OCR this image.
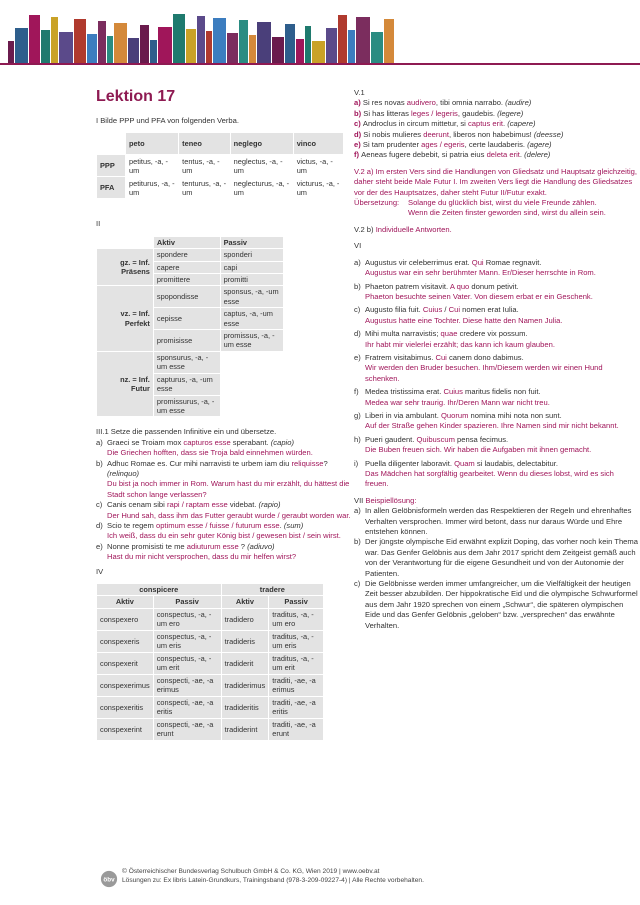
Lektion 17

I Bilde PPP und PFA von folgenden Verba.

	peto	teneo	neglego	vinco
PPP	petitus, -a, -um	tentus, -a, -um	neglectus, -a, -um	victus, -a, -um
PFA	petiturus, -a, -um	tenturus, -a, -um	neglecturus, -a, -um	victurus, -a, -um

II

	Aktiv	Passiv
gz. = Inf. Präsens	spondere	sponderi
	capere	capi
	promittere	promitti
vz. = Inf. Perfekt	spopondisse	sponsus, -a, -um esse
	cepisse	captus, -a, -um esse
	promisisse	promissus, -a, -um esse
nz. = Inf. Futur	sponsurus, -a, -um esse	
	capturus, -a, -um esse	
	promissurus, -a, -um esse	

III.1 Setze die passenden Infinitive ein und übersetze.

a) Graeci se Troiam mox capturos esse sperabant. (capio)

Die Griechen hofften, dass sie Troja bald einnehmen würden.

b) Adhuc Romae es. Cur mihi narravisti te urbem iam diu reliquisse? (relinquo)

Du bist ja noch immer in Rom. Warum hast du mir erzählt, du hättest die Stadt schon lange verlassen?

c) Canis cenam sibi rapi / raptam esse videbat. (rapio)

Der Hund sah, dass ihm das Futter geraubt wurde / geraubt worden war.

d) Scio te regem optimum esse / fuisse / futurum esse. (sum)

Ich weiß, dass du ein sehr guter König bist / gewesen bist / sein wirst.

e) Nonne promisisti te me adiuturum esse ? (adiuvo)

Hast du mir nicht versprochen, dass du mir helfen wirst?

IV

conspicere		tradere	
Aktiv	Passiv	Aktiv	Passiv
conspexero	conspectus, -a, -um ero	tradidero	traditus, -a, -um ero
conspexeris	conspectus, -a, -um eris	tradideris	traditus, -a, -um eris
conspexerit	conspectus, -a, -um erit	tradiderit	traditus, -a, -um erit
conspexerimus	conspecti, -ae, -a erimus	tradiderimus	traditi, -ae, -a erimus
conspexeritis	conspecti, -ae, -a eritis	tradideritis	traditi, -ae, -a eritis
conspexerint	conspecti, -ae, -a erunt	tradiderint	traditi, -ae, -a erunt

V.1

a) Si res novas audivero, tibi omnia narrabo. (audire)

b) Si has litteras leges / legeris, gaudebis. (legere)

c) Androclus in circum mittetur, si captus erit. (capere)

d) Si nobis mulieres deerunt, liberos non habebimus! (deesse)

e) Si tam prudenter ages / egeris, certe laudaberis. (agere)

f) Aeneas fugere debebit, si patria eius deleta erit. (delere)

V.2 a) Im ersten Vers sind die Handlungen von Gliedsatz und Hauptsatz gleichzeitig, daher steht beide Male Futur I. Im zweiten Vers liegt die Handlung des Gliedsatzes vor der des Hauptsatzes, daher steht Futur II/Futur exakt.

Übersetzung:	Solange du glücklich bist, wirst du viele Freunde zählen.

Wenn die Zeiten finster geworden sind, wirst du allein sein.

V.2 b) Individuelle Antworten.

VI

a) Augustus vir celeberrimus erat. Qui Romae regnavit.

Augustus war ein sehr berühmter Mann. Er/Dieser herrschte in Rom.

b) Phaeton patrem visitavit. A quo donum petivit.

Phaeton besuchte seinen Vater. Von diesem erbat er ein Geschenk.

c) Augusto filia fuit. Cuius / Cui nomen erat Iulia.

Augustus hatte eine Tochter. Diese hatte den Namen Julia.

d) Mihi multa narravistis; quae credere vix possum.

Ihr habt mir vielerlei erzählt; das kann ich kaum glauben.

e) Fratrem visitabimus. Cui canem dono dabimus.

Wir werden den Bruder besuchen. Ihm/Diesem werden wir einen Hund schenken.

f) Medea tristissima erat. Cuius maritus fidelis non fuit.

Medea war sehr traurig. Ihr/Deren Mann war nicht treu.

g) Liberi in via ambulant. Quorum nomina mihi nota non sunt.

Auf der Straße gehen Kinder spazieren. Ihre Namen sind mir nicht bekannt.

h) Pueri gaudent. Quibuscum pensa fecimus.

Die Buben freuen sich. Wir haben die Aufgaben mit ihnen gemacht.

i) Puella diligenter laboravit. Quam si laudabis, delectabitur.

Das Mädchen hat sorgfältig gearbeitet. Wenn du dieses lobst, wird es sich freuen.

VII Beispiellösung:

a) In allen Gelöbnisformeln werden das Respektieren der Regeln und ehrenhaftes Verhalten versprochen. Immer wird betont, dass nur daraus Würde und Ehre entstehen können.

b) Der jüngste olympische Eid erwähnt explizit Doping, das vorher noch kein Thema war. Das Genfer Gelöbnis aus dem Jahr 2017 spricht dem Zeitgeist gemäß auch von der Verantwortung für die eigene Gesundheit und von der Autonomie der Patienten.

c) Die Gelöbnisse werden immer umfangreicher, um die Vielfältigkeit der heutigen Zeit besser abzubilden. Der hippokratische Eid und die olympische Schwurformel aus dem Jahr 1920 sprechen von einem „Schwur“, die späteren olympischen Eide und das Genfer Gelöbnis „geloben“ bzw. „versprechen“ das erwähnte Verhalten.

öbv
© Österreichischer Bundesverlag Schulbuch GmbH & Co. KG, Wien 2019 | www.oebv.at
Lösungen zu: Ex libris Latein-Grundkurs, Trainingsband (978-3-209-09227-4) | Alle Rechte vorbehalten.
